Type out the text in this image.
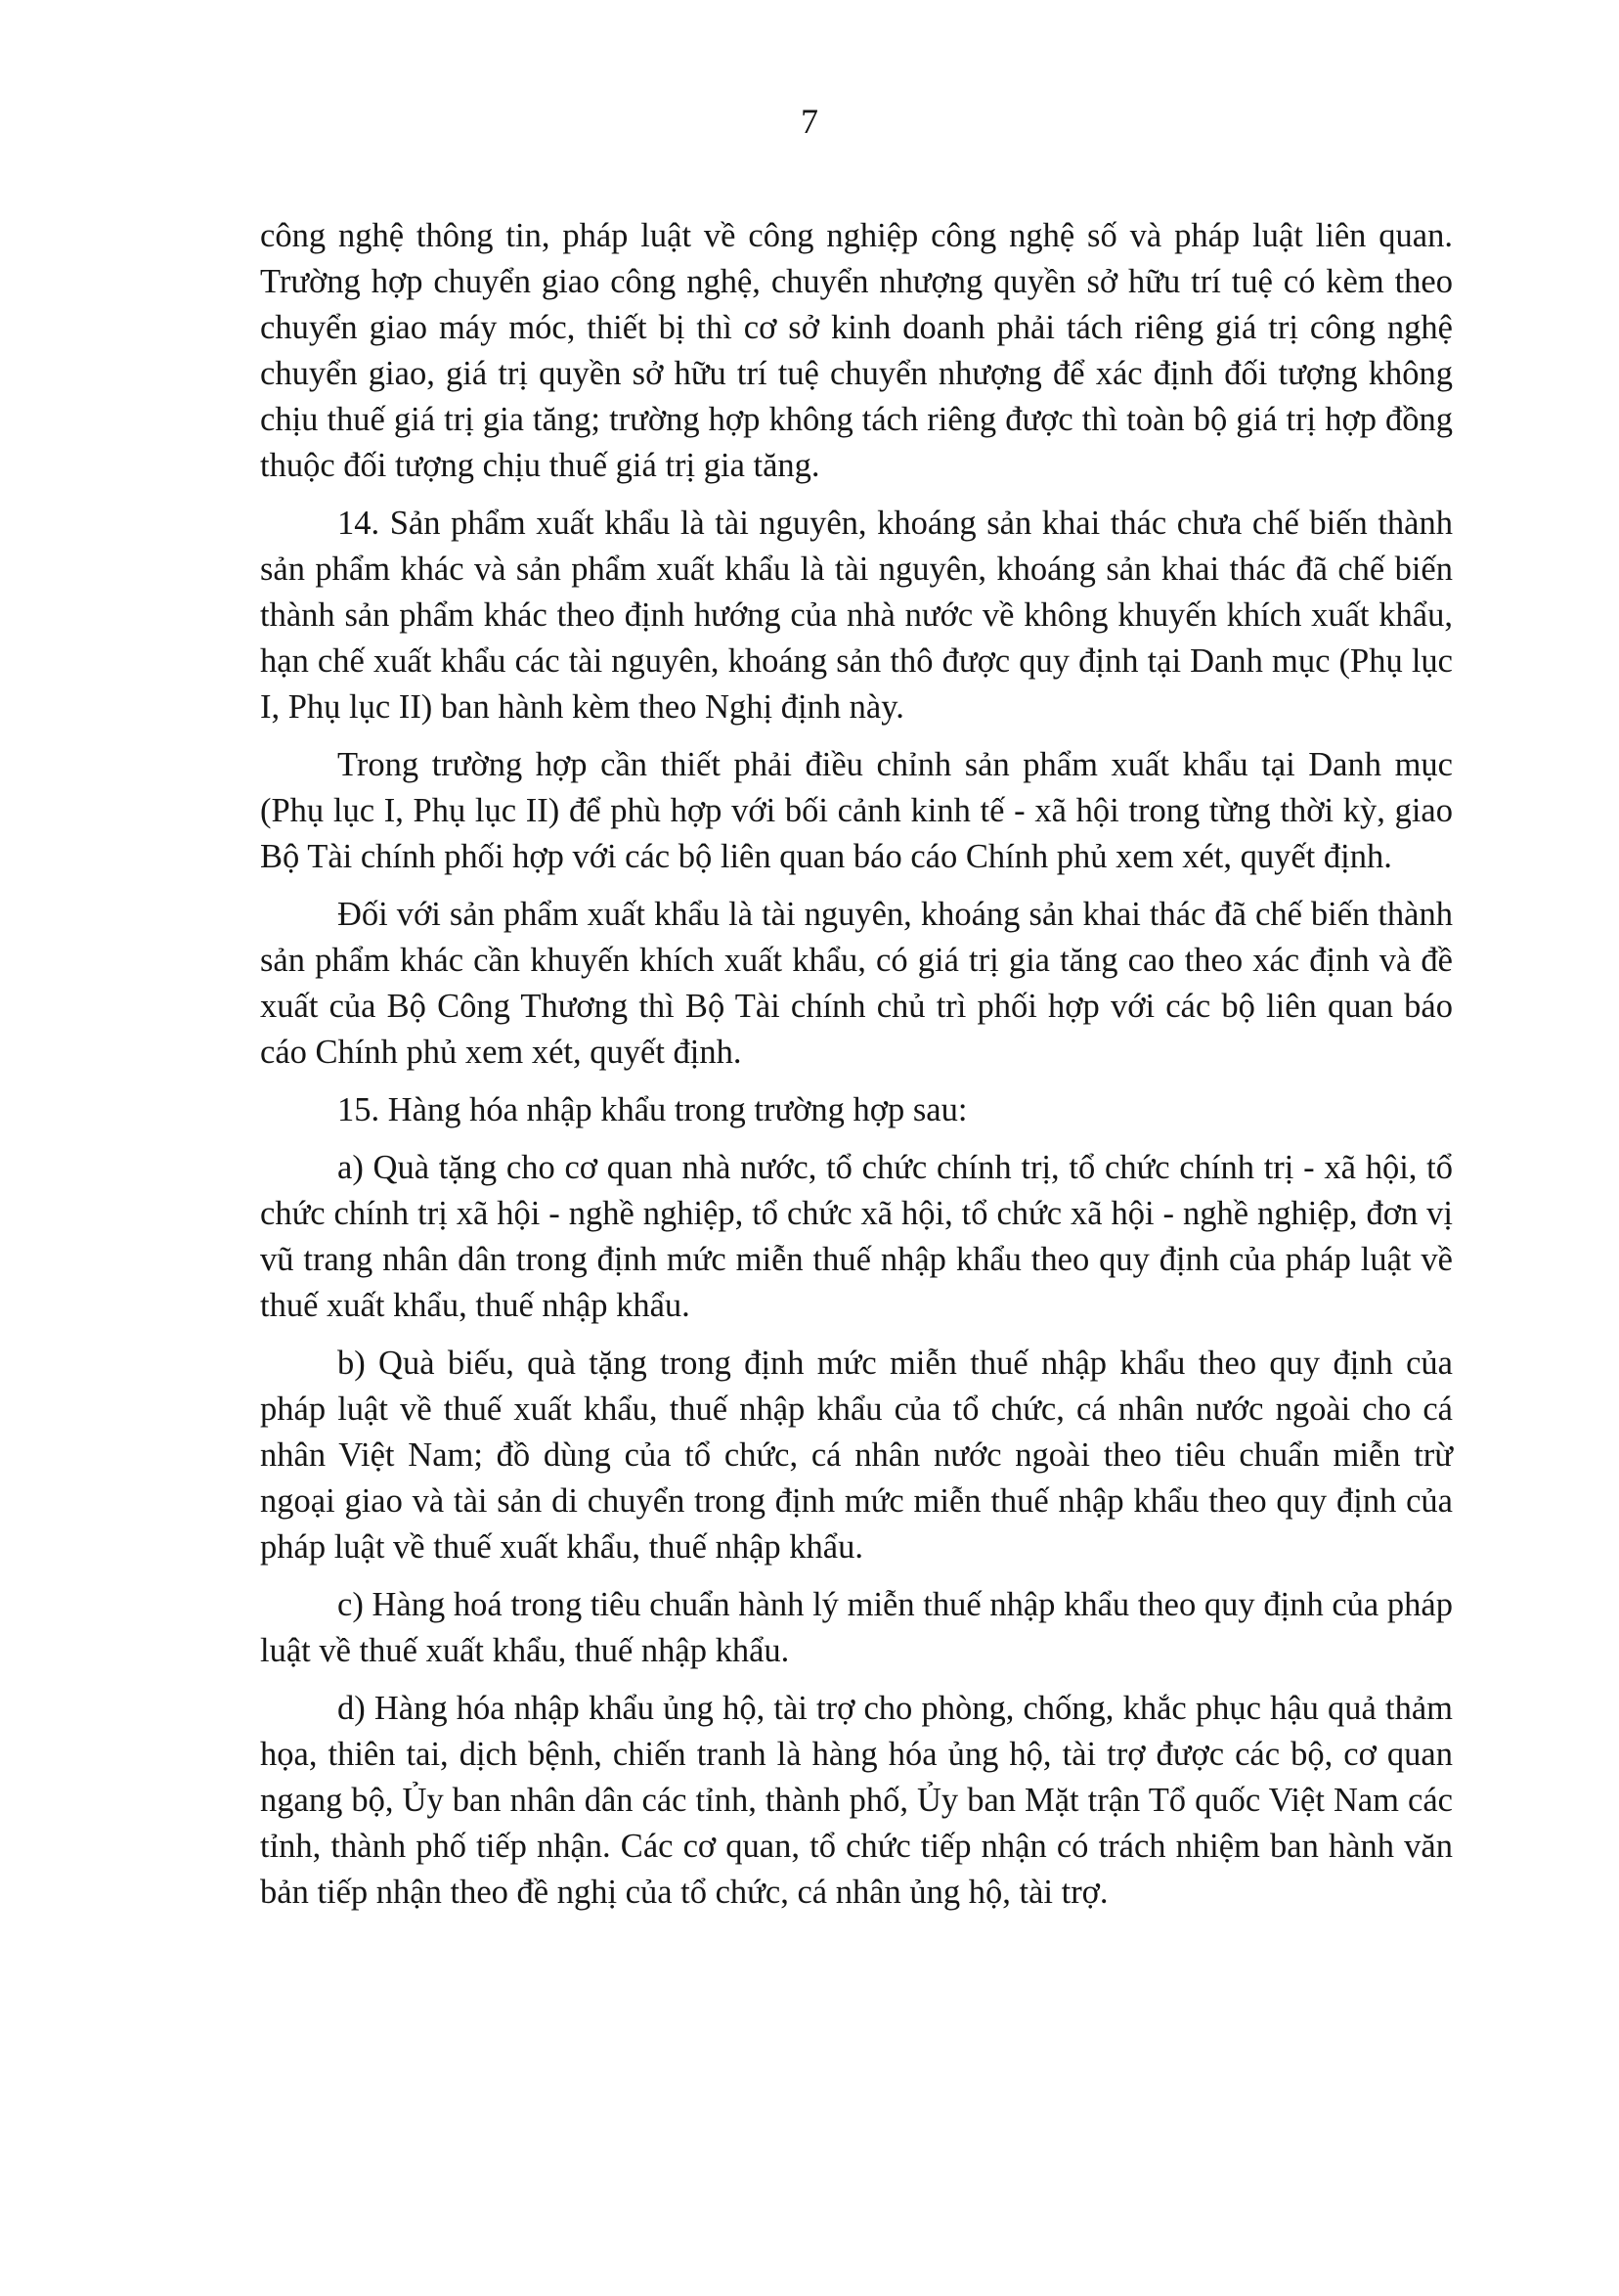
7

công nghệ thông tin, pháp luật về công nghiệp công nghệ số và pháp luật liên quan. Trường hợp chuyển giao công nghệ, chuyển nhượng quyền sở hữu trí tuệ có kèm theo chuyển giao máy móc, thiết bị thì cơ sở kinh doanh phải tách riêng giá trị công nghệ chuyển giao, giá trị quyền sở hữu trí tuệ chuyển nhượng để xác định đối tượng không chịu thuế giá trị gia tăng; trường hợp không tách riêng được thì toàn bộ giá trị hợp đồng thuộc đối tượng chịu thuế giá trị gia tăng.

14. Sản phẩm xuất khẩu là tài nguyên, khoáng sản khai thác chưa chế biến thành sản phẩm khác và sản phẩm xuất khẩu là tài nguyên, khoáng sản khai thác đã chế biến thành sản phẩm khác theo định hướng của nhà nước về không khuyến khích xuất khẩu, hạn chế xuất khẩu các tài nguyên, khoáng sản thô được quy định tại Danh mục (Phụ lục I, Phụ lục II) ban hành kèm theo Nghị định này.

Trong trường hợp cần thiết phải điều chỉnh sản phẩm xuất khẩu tại Danh mục (Phụ lục I, Phụ lục II) để phù hợp với bối cảnh kinh tế - xã hội trong từng thời kỳ, giao Bộ Tài chính phối hợp với các bộ liên quan báo cáo Chính phủ xem xét, quyết định.

Đối với sản phẩm xuất khẩu là tài nguyên, khoáng sản khai thác đã chế biến thành sản phẩm khác cần khuyến khích xuất khẩu, có giá trị gia tăng cao theo xác định và đề xuất của Bộ Công Thương thì Bộ Tài chính chủ trì phối hợp với các bộ liên quan báo cáo Chính phủ xem xét, quyết định.

15. Hàng hóa nhập khẩu trong trường hợp sau:

a) Quà tặng cho cơ quan nhà nước, tổ chức chính trị, tổ chức chính trị - xã hội, tổ chức chính trị xã hội - nghề nghiệp, tổ chức xã hội, tổ chức xã hội - nghề nghiệp, đơn vị vũ trang nhân dân trong định mức miễn thuế nhập khẩu theo quy định của pháp luật về thuế xuất khẩu, thuế nhập khẩu.

b) Quà biếu, quà tặng trong định mức miễn thuế nhập khẩu theo quy định của pháp luật về thuế xuất khẩu, thuế nhập khẩu của tổ chức, cá nhân nước ngoài cho cá nhân Việt Nam; đồ dùng của tổ chức, cá nhân nước ngoài theo tiêu chuẩn miễn trừ ngoại giao và tài sản di chuyển trong định mức miễn thuế nhập khẩu theo quy định của pháp luật về thuế xuất khẩu, thuế nhập khẩu.

c) Hàng hoá trong tiêu chuẩn hành lý miễn thuế nhập khẩu theo quy định của pháp luật về thuế xuất khẩu, thuế nhập khẩu.

d) Hàng hóa nhập khẩu ủng hộ, tài trợ cho phòng, chống, khắc phục hậu quả thảm họa, thiên tai, dịch bệnh, chiến tranh là hàng hóa ủng hộ, tài trợ được các bộ, cơ quan ngang bộ, Ủy ban nhân dân các tỉnh, thành phố, Ủy ban Mặt trận Tổ quốc Việt Nam các tỉnh, thành phố tiếp nhận. Các cơ quan, tổ chức tiếp nhận có trách nhiệm ban hành văn bản tiếp nhận theo đề nghị của tổ chức, cá nhân ủng hộ, tài trợ.
